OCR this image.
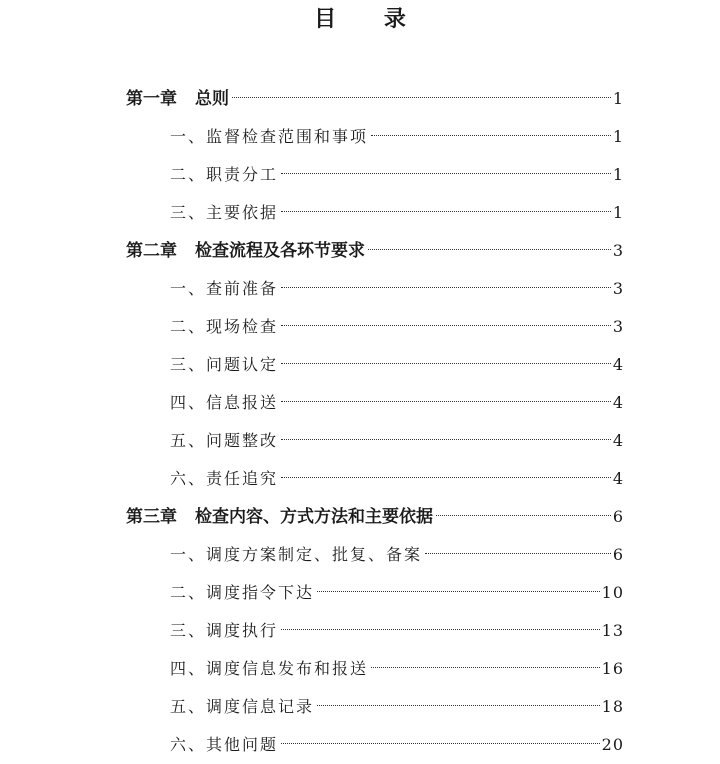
目 录
第一章 总则	1
一、监督检查范围和事项	1
二、职责分工	1
三、主要依据	1
第二章 检查流程及各环节要求	3
一、查前准备	3
二、现场检查	3
三、问题认定	4
四、信息报送	4
五、问题整改	4
六、责任追究	4
第三章 检查内容、方式方法和主要依据	6
一、调度方案制定、批复、备案	6
二、调度指令下达	10
三、调度执行	13
四、调度信息发布和报送	16
五、调度信息记录	18
六、其他问题	20
